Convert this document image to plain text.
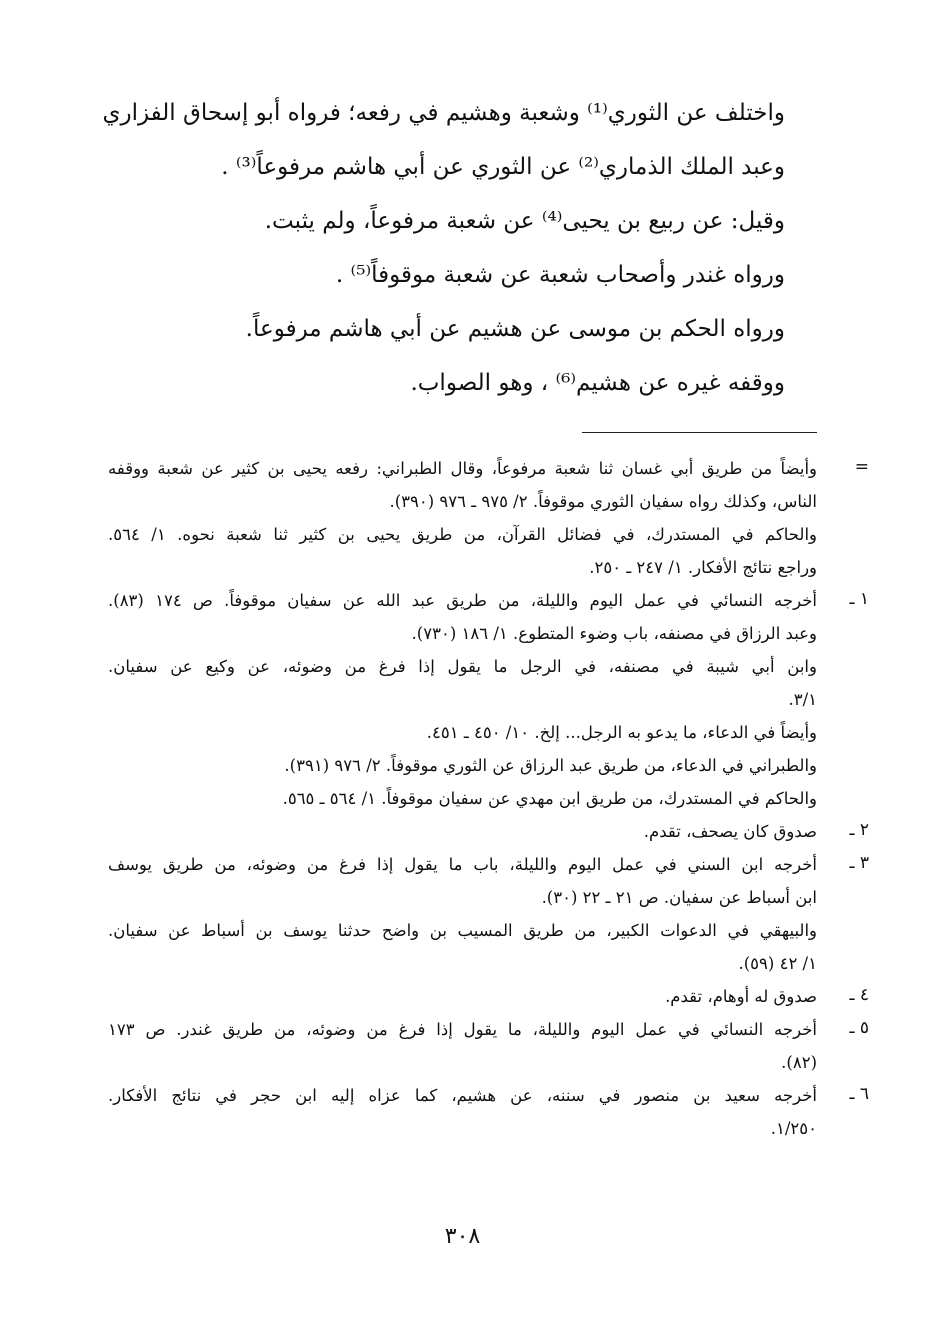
واختلف عن الثوري⁽¹⁾ وشعبة وهشيم في رفعه؛ فرواه أبو إسحاق الفزاري
وعبد الملك الذماري⁽²⁾ عن الثوري عن أبي هاشم مرفوعاً⁽³⁾ .
وقيل: عن ربيع بن يحيى⁽⁴⁾ عن شعبة مرفوعاً، ولم يثبت.
ورواه غندر وأصحاب شعبة عن شعبة موقوفاً⁽⁵⁾ .
ورواه الحكم بن موسى عن هشيم عن أبي هاشم مرفوعاً.
ووقفه غيره عن هشيم⁽⁶⁾ ، وهو الصواب.
=
وأيضاً من طريق أبي غسان ثنا شعبة مرفوعاً، وقال الطبراني: رفعه يحيى بن كثير عن شعبة ووقفه
الناس، وكذلك رواه سفيان الثوري موقوفاً. ٢/ ٩٧٥ ـ ٩٧٦ (٣٩٠).
والحاكم في المستدرك، في فضائل القرآن، من طريق يحيى بن كثير ثنا شعبة نحوه. ١/ ٥٦٤.
وراجع نتائج الأفكار. ١/ ٢٤٧ ـ ٢٥٠.
١ ـ
أخرجه النسائي في عمل اليوم والليلة، من طريق عبد الله عن سفيان موقوفاً. ص ١٧٤ (٨٣).
وعبد الرزاق في مصنفه، باب وضوء المتطوع. ١/ ١٨٦ (٧٣٠).
وابن أبي شيبة في مصنفه، في الرجل ما يقول إذا فرغ من وضوئه، عن وكيع عن سفيان.
٣/١.
وأيضاً في الدعاء، ما يدعو به الرجل... إلخ. ١٠/ ٤٥٠ ـ ٤٥١.
والطبراني في الدعاء، من طريق عبد الرزاق عن الثوري موقوفاً. ٢/ ٩٧٦ (٣٩١).
والحاكم في المستدرك، من طريق ابن مهدي عن سفيان موقوفاً. ١/ ٥٦٤ ـ ٥٦٥.
٢ ـ
صدوق كان يصحف، تقدم.
٣ ـ
أخرجه ابن السني في عمل اليوم والليلة، باب ما يقول إذا فرغ من وضوئه، من طريق يوسف
ابن أسباط عن سفيان. ص ٢١ ـ ٢٢ (٣٠).
والبيهقي في الدعوات الكبير، من طريق المسيب بن واضح حدثنا يوسف بن أسباط عن سفيان.
١/ ٤٢ (٥٩).
٤ ـ
صدوق له أوهام، تقدم.
٥ ـ
أخرجه النسائي في عمل اليوم والليلة، ما يقول إذا فرغ من وضوئه، من طريق غندر. ص ١٧٣
(٨٢).
٦ ـ
أخرجه سعيد بن منصور في سننه، عن هشيم، كما عزاه إليه ابن حجر في نتائج الأفكار.
١/٢٥٠.
٣٠٨
